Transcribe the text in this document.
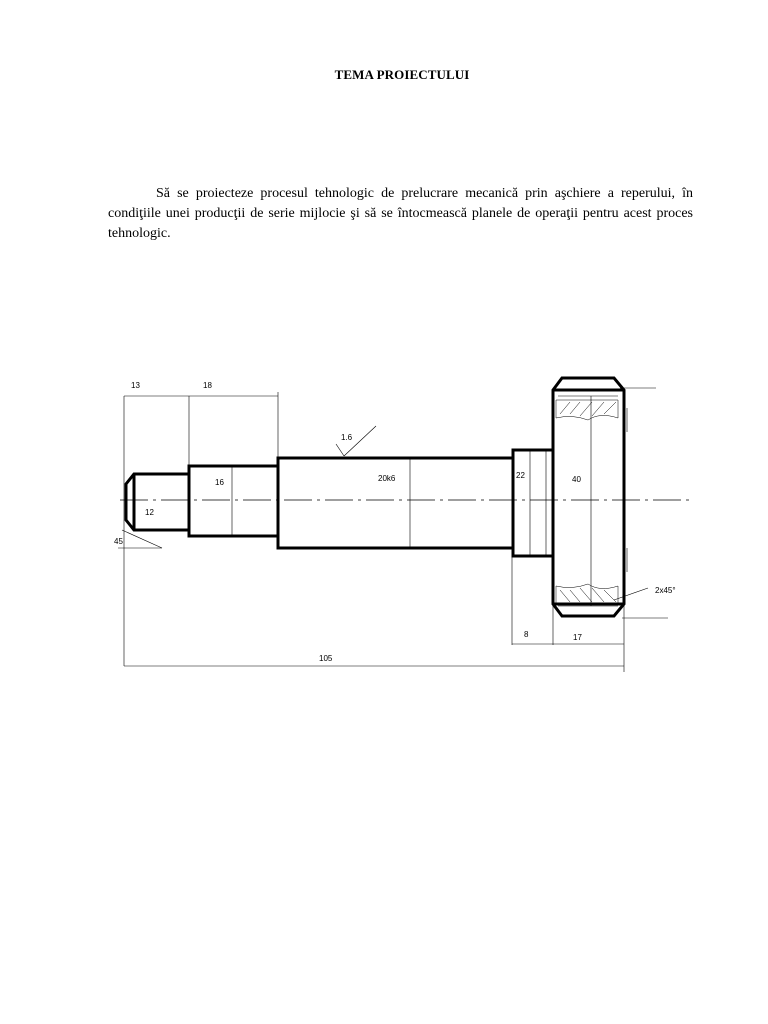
TEMA PROIECTULUI
Să se proiecteze procesul tehnologic de prelucrare mecanică prin aşchiere a reperului, în condiţiile unei producţii de serie mijlocie şi să se întocmească planele de operaţii pentru acest proces tehnologic.
13	18
1.6
16	20k6	22	40
12
45
2x45°
8	17
105
